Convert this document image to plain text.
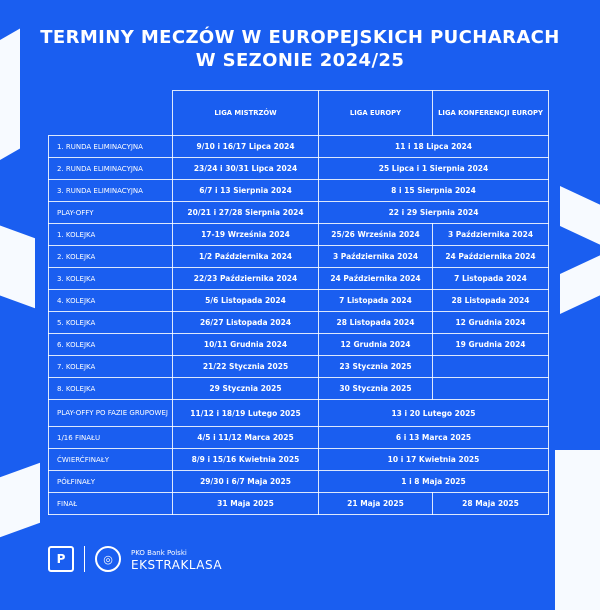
TERMINY MECZÓW W EUROPEJSKICH PUCHARACH
W SEZONIE 2024/25
	LIGA MISTRZÓW	LIGA EUROPY	LIGA KONFERENCJI EUROPY
1. RUNDA ELIMINACYJNA	9/10 i 16/17 Lipca 2024	11 i 18 Lipca 2024	
2. RUNDA ELIMINACYJNA	23/24 i 30/31 Lipca 2024	25 Lipca i 1 Sierpnia 2024	
3. RUNDA ELIMINACYJNA	6/7 i 13 Sierpnia 2024	8 i 15 Sierpnia 2024	
PLAY-OFFY	20/21 i 27/28 Sierpnia 2024	22 i 29 Sierpnia 2024	
1. KOLEJKA	17-19 Września 2024	25/26 Września 2024	3 Października 2024
2. KOLEJKA	1/2 Października 2024	3 Października 2024	24 Października 2024
3. KOLEJKA	22/23 Października 2024	24 Października 2024	7 Listopada 2024
4. KOLEJKA	5/6 Listopada 2024	7 Listopada 2024	28 Listopada 2024
5. KOLEJKA	26/27 Listopada 2024	28 Listopada 2024	12 Grudnia 2024
6. KOLEJKA	10/11 Grudnia 2024	12 Grudnia 2024	19 Grudnia 2024
7. KOLEJKA	21/22 Stycznia 2025	23 Stycznia 2025	
8. KOLEJKA	29 Stycznia 2025	30 Stycznia 2025	
PLAY-OFFY PO FAZIE GRUPOWEJ	11/12 i 18/19 Lutego 2025	13 i 20 Lutego 2025	
1/16 FINAŁU	4/5 i 11/12 Marca 2025	6 i 13 Marca 2025	
ĆWIERĆFINAŁY	8/9 i 15/16 Kwietnia 2025	10 i 17 Kwietnia 2025	
PÓŁFINAŁY	29/30 i 6/7 Maja 2025	1 i 8 Maja 2025	
FINAŁ	31 Maja 2025	21 Maja 2025	28 Maja 2025
P	◎	PKO Bank Polski
EKSTRAKLASA
